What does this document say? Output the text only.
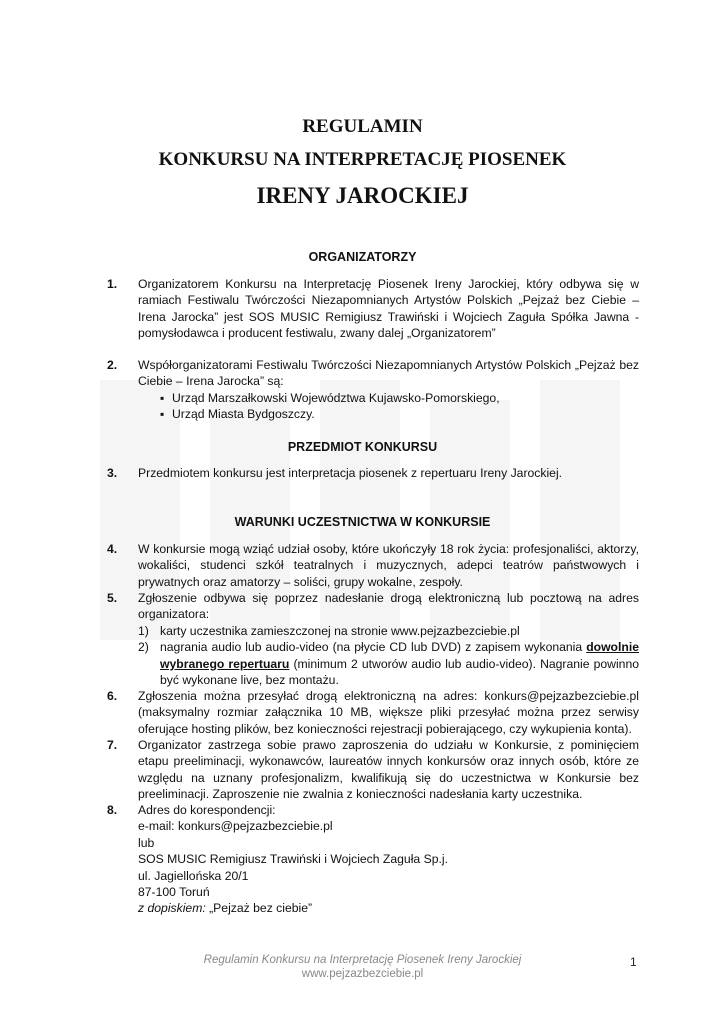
REGULAMIN
KONKURSU NA INTERPRETACJĘ PIOSENEK
IRENY JAROCKIEJ
ORGANIZATORZY
1.	Organizatorem Konkursu na Interpretację Piosenek Ireny Jarockiej, który odbywa się w ramiach Festiwalu Twórczości Niezapomnianych Artystów Polskich „Pejzaż bez Ciebie – Irena Jarocka” jest SOS MUSIC Remigiusz Trawiński i Wojciech Zaguła Spółka Jawna - pomysłodawca i producent festiwalu, zwany dalej „Organizatorem”

2.	Współorganizatorami Festiwalu Twórczości Niezapomnianych Artystów Polskich „Pejzaż bez Ciebie – Irena Jarocka” są:

▪ Urząd Marszałkowski Województwa Kujawsko-Pomorskiego,
▪ Urząd Miasta Bydgoszczy.
PRZEDMIOT KONKURSU
3.	Przedmiotem konkursu jest interpretacja piosenek z repertuaru Ireny Jarockiej.

WARUNKI UCZESTNICTWA W KONKURSIE
4.	W konkursie mogą wziąć udział osoby, które ukończyły 18 rok życia: profesjonaliści, aktorzy, wokaliści, studenci szkół teatralnych i muzycznych, adepci teatrów państwowych i prywatnych oraz amatorzy – soliści, grupy wokalne, zespoły.

5.	Zgłoszenie odbywa się poprzez nadesłanie drogą elektroniczną lub pocztową na adres organizatora:

1) karty uczestnika zamieszczonej na stronie www.pejzazbezciebie.pl
2) nagrania audio lub audio-video (na płycie CD lub DVD) z zapisem wykonania dowolnie wybranego repertuaru (minimum 2 utworów audio lub audio-video). Nagranie powinno być wykonane live, bez montażu.
6.	Zgłoszenia można przesyłać drogą elektroniczną na adres: konkurs@pejzazbezciebie.pl (maksymalny rozmiar załącznika 10 MB, większe pliki przesyłać można przez serwisy oferujące hosting plików, bez konieczności rejestracji pobierającego, czy wykupienia konta).

7.	Organizator zastrzega sobie prawo zaproszenia do udziału w Konkursie, z pominięciem etapu preeliminacji, wykonawców, laureatów innych konkursów oraz innych osób, które ze względu na uznany profesjonalizm, kwalifikują się do uczestnictwa w Konkursie bez preeliminacji. Zaproszenie nie zwalnia z konieczności nadesłania karty uczestnika.

8.	Adres do korespondencji:

e-mail: konkurs@pejzazbezciebie.pl

lub

SOS MUSIC Remigiusz Trawiński i Wojciech Zaguła Sp.j.

ul. Jagiellońska 20/1

87-100 Toruń

z dopiskiem: „Pejzaż bez ciebie”

Regulamin Konkursu na Interpretację Piosenek Ireny Jarockiej
www.pejzazbezciebie.pl
1
